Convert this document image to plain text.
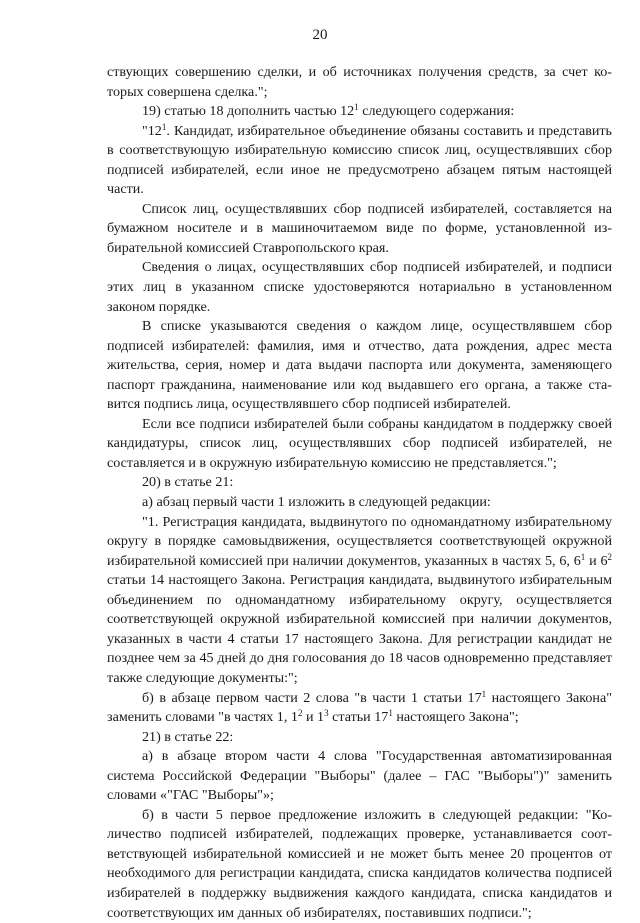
20

ствующих совершению сделки, и об источниках получения средств, за счет которых совершена сделка.";

19) статью 18 дополнить частью $12^1$ следующего содержания:

"$12^1$. Кандидат, избирательное объединение обязаны составить и представить в соответствующую избирательную комиссию список лиц, осуществлявших сбор подписей избирателей, если иное не предусмотрено абзацем пятым настоящей части.

Список лиц, осуществлявших сбор подписей избирателей, составляется на бумажном носителе и в машиночитаемом виде по форме, установленной избирательной комиссией Ставропольского края.

Сведения о лицах, осуществлявших сбор подписей избирателей, и подписи этих лиц в указанном списке удостоверяются нотариально в установленном законом порядке.

В списке указываются сведения о каждом лице, осуществлявшем сбор подписей избирателей: фамилия, имя и отчество, дата рождения, адрес места жительства, серия, номер и дата выдачи паспорта или документа, заменяющего паспорт гражданина, наименование или код выдавшего его органа, а также ставится подпись лица, осуществлявшего сбор подписей избирателей.

Если все подписи избирателей были собраны кандидатом в поддержку своей кандидатуры, список лиц, осуществлявших сбор подписей избирателей, не составляется и в окружную избирательную комиссию не представляется.";

20) в статье 21:

а) абзац первый части 1 изложить в следующей редакции:

"1. Регистрация кандидата, выдвинутого по одномандатному избирательному округу в порядке самовыдвижения, осуществляется соответствующей окружной избирательной комиссией при наличии документов, указанных в частях 5, 6, $6^1$ и $6^2$ статьи 14 настоящего Закона. Регистрация кандидата, выдвинутого избирательным объединением по одномандатному избирательному округу, осуществляется соответствующей окружной избирательной комиссией при наличии документов, указанных в части 4 статьи 17 настоящего Закона. Для регистрации кандидат не позднее чем за 45 дней до дня голосования до 18 часов одновременно представляет также следующие документы:";

б) в абзаце первом части 2 слова "в части 1 статьи $17^1$ настоящего Закона" заменить словами "в частях 1, $1^2$ и $1^3$ статьи $17^1$ настоящего Закона";

21) в статье 22:

а) в абзаце втором части 4 слова "Государственная автоматизированная система Российской Федерации "Выборы" (далее – ГАС "Выборы")" заменить словами «"ГАС "Выборы"»;

б) в части 5 первое предложение изложить в следующей редакции: "Количество подписей избирателей, подлежащих проверке, устанавливается соответствующей избирательной комиссией и не может быть менее 20 процентов от необходимого для регистрации кандидата, списка кандидатов количества подписей избирателей в поддержку выдвижения каждого кандидата, списка кандидатов и соответствующих им данных об избирателях, поставивших подписи.";
